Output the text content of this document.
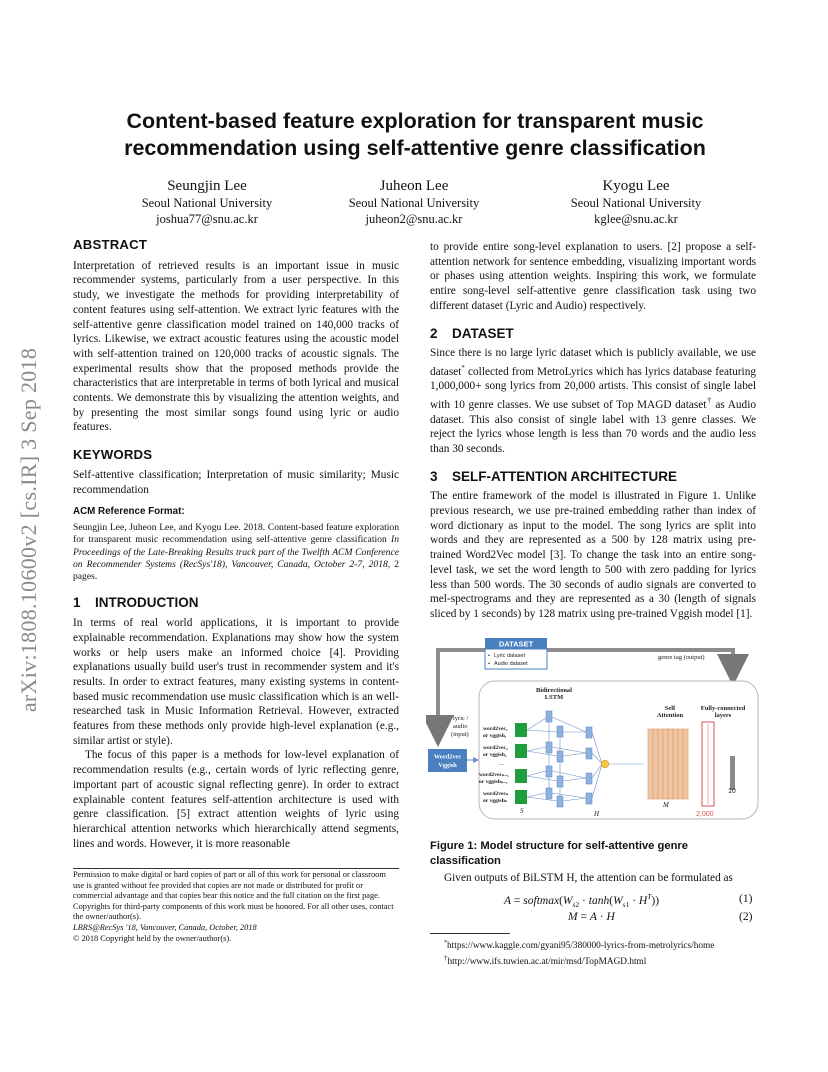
arXiv:1808.10600v2 [cs.IR] 3 Sep 2018
Content-based feature exploration for transparent music
recommendation using self-attentive genre classification
Seungjin Lee
Seoul National University
joshua77@snu.ac.kr
Juheon Lee
Seoul National University
juheon2@snu.ac.kr
Kyogu Lee
Seoul National University
kglee@snu.ac.kr

ABSTRACT

Interpretation of retrieved results is an important issue in music recommender systems, particularly from a user perspective. In this study, we investigate the methods for providing interpretability of content features using self-attention. We extract lyric features with the self-attentive genre classification model trained on 140,000 tracks of lyrics. Likewise, we extract acoustic features using the acoustic model with self-attention trained on 120,000 tracks of acoustic signals. The experimental results show that the proposed methods provide the characteristics that are interpretable in terms of both lyrical and musical contents. We demonstrate this by visualizing the attention weights, and by presenting the most similar songs found using lyric or audio features.

KEYWORDS

Self-attentive classification; Interpretation of music similarity; Music recommendation

ACM Reference Format:

Seungjin Lee, Juheon Lee, and Kyogu Lee. 2018. Content-based feature exploration for transparent music recommendation using self-attentive genre classification In Proceedings of the Late-Breaking Results track part of the Twelfth ACM Conference on Recommender Systems (RecSys'18), Vancouver, Canada, October 2-7, 2018, 2 pages.

1 INTRODUCTION

In terms of real world applications, it is important to provide explainable recommendation. Explanations may show how the system works or help users make an informed choice [4]. Providing explanations usually build user's trust in recommender system and it's results. In order to extract features, many existing systems in content-based music recommendation use music classification which is an well-researched task in Music Information Retrieval. However, extracted features from these methods only provide high-level explanation (e.g., similar artist or style).

The focus of this paper is a methods for low-level explanation of recommendation results (e.g., certain words of lyric reflecting genre, important part of acoustic signal reflecting genre). In order to extract explainable content features self-attention architecture is used with genre classification. [5] extract attention weights of lyric using hierarchical attention networks which hierarchically attend segments, lines and words. However, it is more reasonable

Permission to make digital or hard copies of part or all of this work for personal or classroom use is granted without fee provided that copies are not made or distributed for profit or commercial advantage and that copies bear this notice and the full citation on the first page. Copyrights for third-party components of this work must be honored. For all other uses, contact the owner/author(s).
LBRS@RecSys '18, Vancouver, Canada, October, 2018
© 2018 Copyright held by the owner/author(s).

to provide entire song-level explanation to users. [2] propose a self-attention network for sentence embedding, visualizing important words or phases using attention weights. Inspiring this work, we formulate entire song-level self-attentive genre classification task using two different dataset (Lyric and Audio) respectively.

2 DATASET

Since there is no large lyric dataset which is publicly available, we use dataset* collected from MetroLyrics which has lyrics database featuring 1,000,000+ song lyrics from 20,000 artists. This consist of single label with 10 genre classes. We use subset of Top MAGD dataset† as Audio dataset. This also consist of single label with 13 genre classes. We reject the lyrics whose length is less than 70 words and the audio less than 30 seconds.

3 SELF-ATTENTION ARCHITECTURE

The entire framework of the model is illustrated in Figure 1. Unlike previous research, we use pre-trained embedding rather than index of word dictionary as input to the model. The song lyrics are split into words and they are represented as a 500 by 128 matrix using pre-trained Word2Vec model [3]. To change the task into an entire song-level task, we set the word length to 500 with zero padding for lyrics less than 500 words. The 30 seconds of audio signals are converted to mel-spectrograms and they are represented as a 30 (length of signals sliced by 1 seconds) by 128 matrix using pre-trained Vggish model [1].

DATASET
• Lyric dataset
• Audio dataset
genre tag (output)
lyric /
audio
(input)
Word2vec
Vggish
Bidirectional
LSTM
word2vec₁
or vggish₁
word2vec₂
or vggish₂
...
word2vecₙ₋₁
or vggishₙ₋₁
word2vecₙ
or vggishₙ
S	H
Self
Attention
M
Fully-connected
layers
2,000
10
Figure 1: Model structure for self-attentive genre classification
Given outputs of BiLSTM H, the attention can be formulated as
$A = softmax(W_{s2} \cdot \tanh(W_{s1} \cdot H^T))$	(1)
M = A · H	(2)
*https://www.kaggle.com/gyani95/380000-lyrics-from-metrolyrics/home
†http://www.ifs.tuwien.ac.at/mir/msd/TopMAGD.html
